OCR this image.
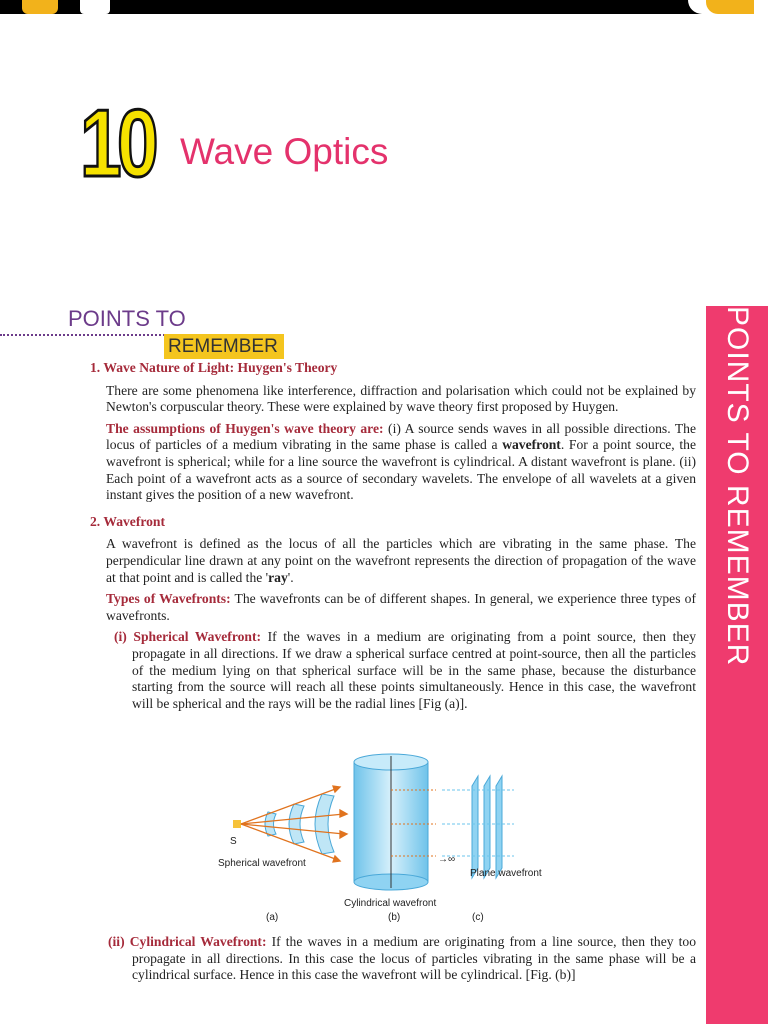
10 Wave Optics
POINTS TO
REMEMBER	POINTS TO REMEMBER
1. Wave Nature of Light: Huygen's Theory

There are some phenomena like interference, diffraction and polarisation which could not be explained by Newton's corpuscular theory. These were explained by wave theory first proposed by Huygen.

The assumptions of Huygen's wave theory are: (i) A source sends waves in all possible directions. The locus of particles of a medium vibrating in the same phase is called a wavefront. For a point source, the wavefront is spherical; while for a line source the wavefront is cylindrical. A distant wavefront is plane. (ii) Each point of a wavefront acts as a source of secondary wavelets. The envelope of all wavelets at a given instant gives the position of a new wavefront.

2. Wavefront

A wavefront is defined as the locus of all the particles which are vibrating in the same phase. The perpendicular line drawn at any point on the wavefront represents the direction of propagation of the wave at that point and is called the 'ray'.

Types of Wavefronts: The wavefronts can be of different shapes. In general, we experience three types of wavefronts.

(i) Spherical Wavefront: If the waves in a medium are originating from a point source, then they propagate in all directions. If we draw a spherical surface centred at point-source, then all the particles of the medium lying on that spherical surface will be in the same phase, because the disturbance starting from the source will reach all these points simultaneously. Hence in this case, the wavefront will be spherical and the rays will be the radial lines [Fig (a)].

S
Spherical wavefront	→∞
Plane wavefront
Cylindrical wavefront
(a)	(b)	(c)
(ii) Cylindrical Wavefront: If the waves in a medium are originating from a line source, then they too propagate in all directions. In this case the locus of particles vibrating in the same phase will be a cylindrical surface. Hence in this case the wavefront will be cylindrical. [Fig. (b)]
